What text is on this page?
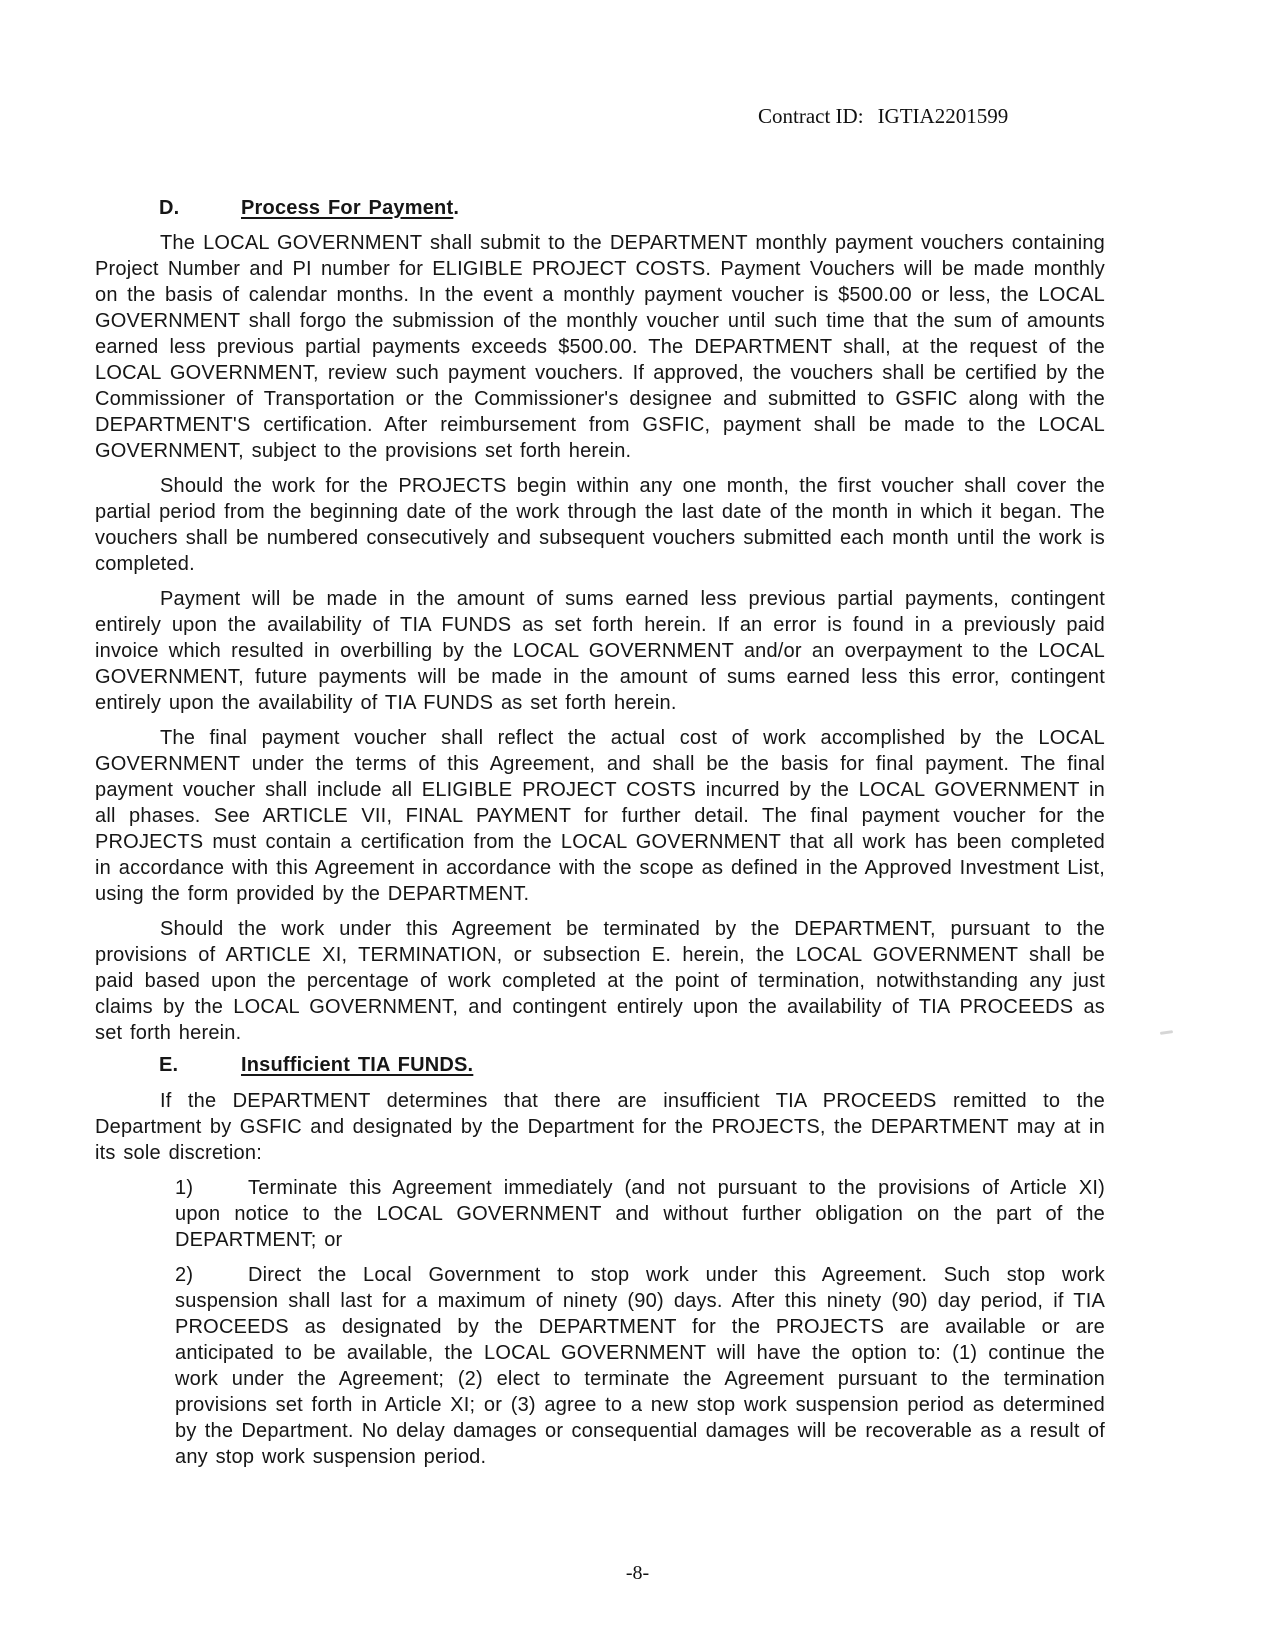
Contract ID: IGTIA2201599
D.	Process For Payment.

The LOCAL GOVERNMENT shall submit to the DEPARTMENT monthly payment vouchers containing Project Number and PI number for ELIGIBLE PROJECT COSTS. Payment Vouchers will be made monthly on the basis of calendar months. In the event a monthly payment voucher is $500.00 or less, the LOCAL GOVERNMENT shall forgo the submission of the monthly voucher until such time that the sum of amounts earned less previous partial payments exceeds $500.00. The DEPARTMENT shall, at the request of the LOCAL GOVERNMENT, review such payment vouchers. If approved, the vouchers shall be certified by the Commissioner of Transportation or the Commissioner's designee and submitted to GSFIC along with the DEPARTMENT'S certification. After reimbursement from GSFIC, payment shall be made to the LOCAL GOVERNMENT, subject to the provisions set forth herein.

Should the work for the PROJECTS begin within any one month, the first voucher shall cover the partial period from the beginning date of the work through the last date of the month in which it began. The vouchers shall be numbered consecutively and subsequent vouchers submitted each month until the work is completed.

Payment will be made in the amount of sums earned less previous partial payments, contingent entirely upon the availability of TIA FUNDS as set forth herein. If an error is found in a previously paid invoice which resulted in overbilling by the LOCAL GOVERNMENT and/or an overpayment to the LOCAL GOVERNMENT, future payments will be made in the amount of sums earned less this error, contingent entirely upon the availability of TIA FUNDS as set forth herein.

The final payment voucher shall reflect the actual cost of work accomplished by the LOCAL GOVERNMENT under the terms of this Agreement, and shall be the basis for final payment. The final payment voucher shall include all ELIGIBLE PROJECT COSTS incurred by the LOCAL GOVERNMENT in all phases. See ARTICLE VII, FINAL PAYMENT for further detail. The final payment voucher for the PROJECTS must contain a certification from the LOCAL GOVERNMENT that all work has been completed in accordance with this Agreement in accordance with the scope as defined in the Approved Investment List, using the form provided by the DEPARTMENT.

Should the work under this Agreement be terminated by the DEPARTMENT, pursuant to the provisions of ARTICLE XI, TERMINATION, or subsection E. herein, the LOCAL GOVERNMENT shall be paid based upon the percentage of work completed at the point of termination, notwithstanding any just claims by the LOCAL GOVERNMENT, and contingent entirely upon the availability of TIA PROCEEDS as set forth herein.

E.	Insufficient TIA FUNDS.

If the DEPARTMENT determines that there are insufficient TIA PROCEEDS remitted to the Department by GSFIC and designated by the Department for the PROJECTS, the DEPARTMENT may at in its sole discretion:

1)	Terminate this Agreement immediately (and not pursuant to the provisions of Article XI) upon notice to the LOCAL GOVERNMENT and without further obligation on the part of the DEPARTMENT; or
2)	Direct the Local Government to stop work under this Agreement. Such stop work suspension shall last for a maximum of ninety (90) days. After this ninety (90) day period, if TIA PROCEEDS as designated by the DEPARTMENT for the PROJECTS are available or are anticipated to be available, the LOCAL GOVERNMENT will have the option to: (1) continue the work under the Agreement; (2) elect to terminate the Agreement pursuant to the termination provisions set forth in Article XI; or (3) agree to a new stop work suspension period as determined by the Department. No delay damages or consequential damages will be recoverable as a result of any stop work suspension period.
-8-
